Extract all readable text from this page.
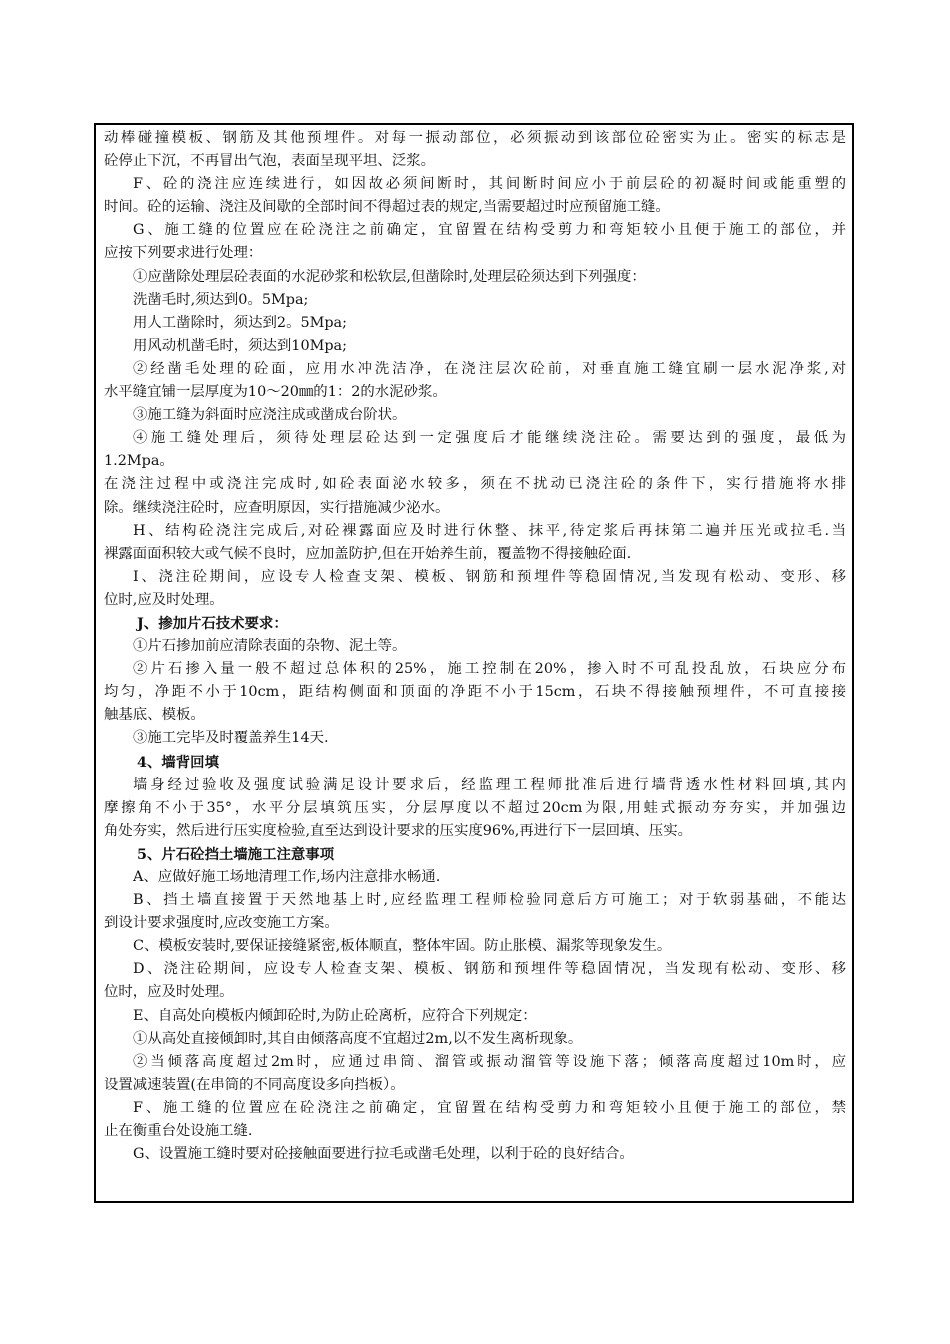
动棒碰撞模板、钢筋及其他预埋件。对每一振动部位，必须振动到该部位砼密实为止。密实的标志是
砼停止下沉，不再冒出气泡，表面呈现平坦、泛浆。
F、砼的浇注应连续进行，如因故必须间断时，其间断时间应小于前层砼的初凝时间或能重塑的
时间。砼的运输、浇注及间歇的全部时间不得超过表的规定,当需要超过时应预留施工缝。
G、施工缝的位置应在砼浇注之前确定，宜留置在结构受剪力和弯矩较小且便于施工的部位，并
应按下列要求进行处理：
①应凿除处理层砼表面的水泥砂浆和松软层,但凿除时,处理层砼须达到下列强度：
洗凿毛时,须达到0。5Mpa;
用人工凿除时，须达到2。5Mpa;
用风动机凿毛时，须达到10Mpa;
②经凿毛处理的砼面，应用水冲洗洁净，在浇注层次砼前，对垂直施工缝宜刷一层水泥净浆,对
水平缝宜铺一层厚度为10～20㎜的1：2的水泥砂浆。
③施工缝为斜面时应浇注成或凿成台阶状。
④施工缝处理后，须待处理层砼达到一定强度后才能继续浇注砼。需要达到的强度，最低为
1.2Mpa。
在浇注过程中或浇注完成时,如砼表面泌水较多，须在不扰动已浇注砼的条件下，实行措施将水排
除。继续浇注砼时，应查明原因，实行措施减少泌水。
H、结构砼浇注完成后,对砼裸露面应及时进行休整、抹平,待定浆后再抹第二遍并压光或拉毛.当
裸露面面积较大或气候不良时，应加盖防护,但在开始养生前，覆盖物不得接触砼面.
I、浇注砼期间，应设专人检查支架、模板、钢筋和预埋件等稳固情况,当发现有松动、变形、移
位时,应及时处理。
J、掺加片石技术要求：
①片石掺加前应清除表面的杂物、泥土等。
②片石掺入量一般不超过总体积的25%，施工控制在20%，掺入时不可乱投乱放，石块应分布
均匀，净距不小于10cm，距结构侧面和顶面的净距不小于15cm，石块不得接触预埋件，不可直接接
触基底、模板。
③施工完毕及时覆盖养生14天.
4、墙背回填
墙身经过验收及强度试验满足设计要求后，经监理工程师批准后进行墙背透水性材料回填,其内
摩擦角不小于35°，水平分层填筑压实，分层厚度以不超过20cm为限,用蛙式振动夯夯实，并加强边
角处夯实，然后进行压实度检验,直至达到设计要求的压实度96%,再进行下一层回填、压实。
5、片石砼挡土墙施工注意事项
A、应做好施工场地清理工作,场内注意排水畅通.
B、挡土墙直接置于天然地基上时,应经监理工程师检验同意后方可施工；对于软弱基础，不能达
到设计要求强度时,应改变施工方案。
C、模板安装时,要保证接缝紧密,板体顺直，整体牢固。防止胀模、漏浆等现象发生。
D、浇注砼期间，应设专人检查支架、模板、钢筋和预埋件等稳固情况，当发现有松动、变形、移
位时，应及时处理。
E、自高处向模板内倾卸砼时,为防止砼离析，应符合下列规定：
①从高处直接倾卸时,其自由倾落高度不宜超过2m,以不发生离析现象。
②当倾落高度超过2m时，应通过串筒、溜管或振动溜管等设施下落；倾落高度超过10m时，应
设置减速装置(在串筒的不同高度设多向挡板）。
F、施工缝的位置应在砼浇注之前确定，宜留置在结构受剪力和弯矩较小且便于施工的部位，禁
止在衡重台处设施工缝.
G、设置施工缝时要对砼接触面要进行拉毛或凿毛处理，以利于砼的良好结合。
